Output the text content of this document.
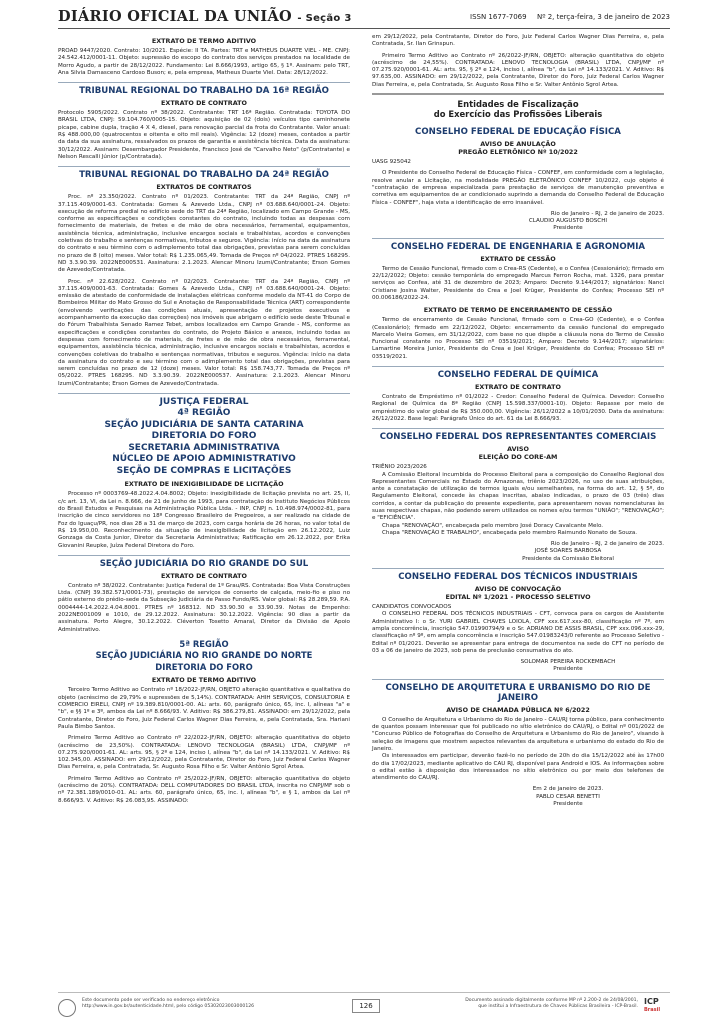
DIÁRIO OFICIAL DA UNIÃO - Seção 3	ISSN 1677-7069 Nº 2, terça-feira, 3 de janeiro de 2023
EXTRATO DE TERMO ADITIVO

PROAD 9447/2020. Contrato: 10/2021. Espécie: II TA. Partes: TRT e MATHEUS DUARTE VIEL - ME. CNPJ: 24.542.412/0001-11. Objeto: supressão do escopo do contrato dos serviços prestados na localidade de Morro Agudo, a partir de 28/12/2022. Fundamento: Lei 8.666/1993, artigo 65, § 1º. Assinam: pelo TRT, Ana Silvia Damasceno Cardoso Buson; e, pela empresa, Matheus Duarte Viel. Data: 28/12/2022.

TRIBUNAL REGIONAL DO TRABALHO DA 16ª REGIÃO
EXTRATO DE CONTRATO

Protocolo 5905/2022. Contrato nº 38/2022. Contratante: TRT 16ª Região. Contratada: TOYOTA DO BRASIL LTDA, CNPJ: 59.104.760/0005-15. Objeto: aquisição de 02 (dois) veículos tipo caminhonete picape, cabine dupla, tração 4 X 4, diesel, para renovação parcial da frota do Contratante. Valor anual: R$ 488.000,00 (quatrocentos e oitenta e oito mil reais). Vigência: 12 (doze) meses, contados a partir da data da sua assinatura, ressalvados os prazos de garantia e assistência técnica. Data da assinatura: 30/12/2022. Assinam: Desembargador Presidente, Francisco José de "Carvalho Neto" (p/Contratante) e Nelson Rescalli Júnior (p/Contratada).

TRIBUNAL REGIONAL DO TRABALHO DA 24ª REGIÃO
EXTRATOS DE CONTRATOS

Proc. nº 23.350/2022. Contrato nº 01/2023. Contratante: TRT da 24ª Região, CNPJ nº 37.115.409/0001-63. Contratada: Gomes & Azevedo Ltda., CNPJ nº 03.688.640/0001-24. Objeto: execução de reforma predial no edifício sede do TRT da 24ª Região, localizado em Campo Grande - MS, conforme as especificações e condições constantes do contrato, incluindo todas as despesas com fornecimento de materiais, de fretes e de mão de obra necessários, ferramental, equipamentos, assistência técnica, administração, inclusive encargos sociais e trabalhistas, acordos e convenções coletivas do trabalho e sentenças normativas, tributos e seguros. Vigência: início na data da assinatura do contrato e seu término com o adimplemento total das obrigações, previstas para serem concluídas no prazo de 8 (oito) meses. Valor total: R$ 1.235.065,49. Tomada de Preços nº 04/2022. PTRES 168295. ND 3.3.90.39. 2022NE000531. Assinatura: 2.1.2023. Alencar Minoru Izumi/Contratante; Erson Gomes de Azevedo/Contratada.

Proc. nº 22.628/2022. Contrato nº 02/2023. Contratante: TRT da 24ª Região, CNPJ nº 37.115.409/0001-63. Contratada: Gomes & Azevedo Ltda., CNPJ nº 03.688.640/0001-24. Objeto: emissão de atestado de conformidade de instalações elétricas conforme modelo da NT-41 do Corpo de Bombeiros Militar do Mato Grosso do Sul e Anotação de Responsabilidade Técnica (ART) correspondente (envolvendo verificações das condições atuais, apresentação de projetos executivos e acompanhamento da execução das correções) nos imóveis que abrigam o edifício sede deste Tribunal e do Fórum Trabalhista Senado Ramez Tebet, ambos localizados em Campo Grande - MS, conforme as especificações e condições constantes do contrato, do Projeto Básico e anexos, incluindo todas as despesas com fornecimento de materiais, de fretes e de mão de obra necessários, ferramental, equipamentos, assistência técnica, administração, inclusive encargos sociais e trabalhistas, acordos e convenções coletivas do trabalho e sentenças normativas, tributos e seguros. Vigência: início na data da assinatura do contrato e seu término com o adimplemento total das obrigações, previstas para serem concluídas no prazo de 12 (doze) meses. Valor total: R$ 158.743,77. Tomada de Preços nº 05/2022. PTRES 168295. ND 3.3.90.39. 2022NE000537. Assinatura: 2.1.2023. Alencar Minoru Izumi/Contratante; Erson Gomes de Azevedo/Contratada.

JUSTIÇA FEDERAL
4ª REGIÃO
SEÇÃO JUDICIÁRIA DE SANTA CATARINA
DIRETORIA DO FORO
SECRETARIA ADMINISTRATIVA
NÚCLEO DE APOIO ADMINISTRATIVO
SEÇÃO DE COMPRAS E LICITAÇÕES
EXTRATO DE INEXIGIBILIDADE DE LICITAÇÃO

Processo nº 0003769-48.2022.4.04.8002; Objeto: inexigibilidade de licitação prevista no art. 25, II, c/c art. 13, VI, da Lei n. 8.666, de 21 de junho de 1993, para contratação do Instituto Negócios Públicos do Brasil Estudos e Pesquisas na Administração Pública Ltda. - INP, CNPJ n. 10.498.974/0002-81, para inscrição de cinco servidores no 18º Congresso Brasileiro de Pregoeiros, a ser realizado na cidade de Foz do Iguaçu/PR, nos dias 28 a 31 de março de 2023, com carga horária de 26 horas, no valor total de R$ 19.950,00. Reconhecimento da situação de inexigibilidade de licitação em 26.12.2022, Luiz Gonzaga da Costa Junior, Diretor da Secretaria Administrativa; Ratificação em 26.12.2022, por Erika Giovanini Reupke, Juíza Federal Diretora do Foro.

SEÇÃO JUDICIÁRIA DO RIO GRANDE DO SUL
EXTRATO DE CONTRATO

Contrato nº 38/2022. Contratante: Justiça Federal de 1º Grau/RS. Contratada: Boa Vista Construções Ltda. (CNPJ 39.382.571/0001-73), prestação de serviços de conserto de calçada, meio-fio e piso no pátio externo do prédio-sede da Subseção Judiciária de Passo Fundo/RS. Valor global: R$ 28.289,59. P.A. 0004444-14.2022.4.04.8001. PTRES nº 168312. ND 33.90.30 e 33.90.39. Notas de Empenho: 2022NE001009 e 1010, de 29.12.2022. Assinatura: 30.12.2022. Vigência: 90 dias a partir da assinatura. Porto Alegre, 30.12.2022. Cléverton Tosetto Amaral, Diretor da Divisão de Apoio Administrativo.

5ª REGIÃO
SEÇÃO JUDICIÁRIA NO RIO GRANDE DO NORTE
DIRETORIA DO FORO
EXTRATO DE TERMO ADITIVO

Terceiro Termo Aditivo ao Contrato nº 18/2022-JF/RN, OBJETO alteração quantitativa e qualitativa do objeto (acréscimo de 29,79% e supressões de 5,14%). CONTRATADA: AHIH SERVIÇOS, CONSULTORIA E COMERCIO EIRELI, CNPJ nº 19.389.810/0001-00. AL: arts. 60, parágrafo único, 65, inc. I, alíneas "a" e "b", e §§ 1º e 3º, ambos da Lei nº 8.666/93. V. Aditivo: R$ 386.279,81. ASSINADO: em 29/12/2022, pela Contratante, Diretor do Foro, Juiz Federal Carlos Wagner Dias Ferreira, e, pela Contratada, Sra. Hariani Paula Bimbo Santos.

Primeiro Termo Aditivo ao Contrato nº 22/2022-JF/RN, OBJETO: alteração quantitativa do objeto (acréscimo de 23,50%). CONTRATADA: LENOVO TECNOLOGIA (BRASIL) LTDA, CNPJ/MF nº 07.275.920/0001-61. AL: arts. 95, § 2º e 124, inciso I, alínea "b", da Lei nº 14.133/2021. V. Aditivo: R$ 102.345,00. ASSINADO: em 29/12/2022, pela Contratante, Diretor do Foro, Juiz Federal Carlos Wagner Dias Ferreira, e, pela Contratada, Sr. Augusto Rosa Filho e Sr. Valter Antônio Sgrol Artea.

Primeiro Termo Aditivo ao Contrato nº 25/2022-JF/RN, OBJETO: alteração quantitativa do objeto (acréscimo de 20%). CONTRATADA: DELL COMPUTADORES DO BRASIL LTDA, inscrita no CNPJ/MF sob o nº 72.381.189/0010-01. AL: arts. 60, parágrafo único, 65, inc. I, alíneas "b", e § 1, ambos da Lei nº 8.666/93. V. Aditivo: R$ 26.083,95. ASSINADO:

em 29/12/2022, pela Contratante, Diretor do Foro, Juiz Federal Carlos Wagner Dias Ferreira, e, pela Contratada, Sr. Ilan Grinspun.

Primeiro Termo Aditivo ao Contrato nº 26/2022-JF/RN, OBJETO: alteração quantitativa do objeto (acréscimo de 24,55%). CONTRATADA: LENOVO TECNOLOGIA (BRASIL) LTDA, CNPJ/MF nº 07.275.920/0001-61. AL: arts. 95, § 2º e 124, inciso I, alínea "b", da Lei nº 14.133/2021. V. Aditivo: R$ 97.635,00. ASSINADO: em 29/12/2022, pela Contratante, Diretor do Foro, Juiz Federal Carlos Wagner Dias Ferreira, e, pela Contratada, Sr. Augusto Rosa Filho e Sr. Valter Antônio Sgrol Artea.

Entidades de Fiscalização
do Exercício das Profissões Liberais
CONSELHO FEDERAL DE EDUCAÇÃO FÍSICA
AVISO DE ANULAÇÃO
PREGÃO ELETRÔNICO Nº 10/2022

UASG 925042

O Presidente do Conselho Federal de Educação Física - CONFEF, em conformidade com a legislação, resolve anular a Licitação, na modalidade PREGÃO ELETRÔNICO CONFEF 10/2022, cujo objeto é "contratação de empresa especializada para prestação de serviços de manutenção preventiva e corretiva em equipamentos de ar condicionado suprindo a demanda do Conselho Federal de Educação Física - CONFEF", haja vista a identificação de erro insanável.

Rio de Janeiro - RJ, 2 de janeiro de 2023.

CLAUDIO AUGUSTO BOSCHI
Presidente

CONSELHO FEDERAL DE ENGENHARIA E AGRONOMIA
EXTRATO DE CESSÃO

Termo de Cessão Funcional, firmado com o Crea-RS (Cedente), e o Confea (Cessionário); firmado em 22/12/2022; Objeto: cessão temporária do empregado Marcus Ferron Rocha, mat. 1326, para prestar serviços ao Confea, até 31 de dezembro de 2023; Amparo: Decreto 9.144/2017; signatários: Nanci Cristiane Josina Walter, Presidente do Crea e Joel Krüger, Presidente do Confea; Processo SEI nº 00.006186/2022-24.

EXTRATO DE TERMO DE ENCERRAMENTO DE CESSÃO

Termo de encerramento de Cessão Funcional, firmado com o Crea-GO (Cedente), e o Confea (Cessionário); firmado em 22/12/2022, Objeto: encerramento da cessão funcional do empregado Marcelo Vieira Gomes, em 31/12/2022, com base no que dispõe a cláusula nona do Termo de Cessão Funcional constante no Processo SEI nº 03519/2021; Amparo: Decreto 9.144/2017; signatários: Lamartine Moreira Junior, Presidente do Crea e Joel Krüger, Presidente do Confea; Processo SEI nº 03519/2021.

CONSELHO FEDERAL DE QUÍMICA
EXTRATO DE CONTRATO

Contrato de Empréstimo nº 01/2022 - Credor: Conselho Federal de Química. Devedor: Conselho Regional de Química da 8ª Região (CNPJ 15.598.337/0001-10). Objeto: Repasse por meio de empréstimo do valor global de R$ 350.000,00. Vigência: 26/12/2022 a 10/01/2030. Data da assinatura: 26/12/2022. Base legal: Parágrafo Único do art. 61 da Lei 8.666/93.

CONSELHO FEDERAL DOS REPRESENTANTES COMERCIAIS
AVISO
ELEIÇÃO DO CORE-AM

TRIÊNIO 2023/2026

A Comissão Eleitoral incumbida do Processo Eleitoral para a composição do Conselho Regional dos Representantes Comerciais no Estado do Amazonas, triênio 2023/2026, no uso de suas atribuições, ante a constatação de utilização de termos iguais e/ou semelhantes, na forma do art. 12, § 5º, do Regulamento Eleitoral, concede às chapas inscritas, abaixo indicadas, o prazo de 03 (três) dias corridos, a contar da publicação do presente expediente, para apresentarem novas nomenclaturas às suas respectivas chapas, não podendo serem utilizados os nomes e/ou termos "UNIÃO"; "RENOVAÇÃO"; e "EFICIÊNCIA".

Chapa "RENOVAÇÃO", encabeçada pelo membro José Doracy Cavalcante Melo.

Chapa "RENOVAÇÃO E TRABALHO", encabeçada pelo membro Raimundo Nonato de Souza.

Rio de Janeiro - RJ, 2 de janeiro de 2023.

JOSÉ SOARES BARBOSA
Presidente da Comissão Eleitoral

CONSELHO FEDERAL DOS TÉCNICOS INDUSTRIAIS
AVISO DE CONVOCAÇÃO
EDITAL Nº 1/2021 - PROCESSO SELETIVO

CANDIDATOS CONVOCADOS

O CONSELHO FEDERAL DOS TÉCNICOS INDUSTRIAIS - CFT, convoca para os cargos de Assistente Administrativo I: o Sr. YURI GABRIEL CHAVES LOIOLA, CPF xxx.617.xxx-80, classificação nº 7º, em ampla concorrência, inscrição 547.01990794/9 e o Sr. ADRIANO DE ASSIS BRASIL, CPF xxx.096.xxx-29, classificação nº 9º, em ampla concorrência e inscrição 547.01983243/0 referente ao Processo Seletivo - Edital nº 01/2021. Deverão se apresentar para entrega de documentos na sede do CFT no período de 03 a 06 de janeiro de 2023, sob pena de preclusão consumativa do ato.

SOLOMAR PEREIRA ROCKEMBACH
Presidente

CONSELHO DE ARQUITETURA E URBANISMO DO RIO DE JANEIRO
AVISO DE CHAMADA PÚBLICA Nº 6/2022

O Conselho de Arquitetura e Urbanismo do Rio de Janeiro - CAU/RJ torna público, para conhecimento de quantos possam interessar que foi publicado no sítio eletrônico do CAU/RJ, o Edital nº 001/2022 de "Concurso Público de Fotografias do Conselho de Arquitetura e Urbanismo do Rio de Janeiro", visando à seleção de imagens que mostrem aspectos relevantes da arquitetura e urbanismo do estado do Rio de Janeiro.

Os interessados em participar, deverão fazê-lo no período de 20h do dia 15/12/2022 até às 17h00 do dia 17/02/2023, mediante aplicativo do CAU RJ, disponível para Android e IOS. As informações sobre o edital estão à disposição dos interessados no sítio eletrônico ou por meio dos telefones de atendimento do CAU/RJ.

Em 2 de janeiro de 2023.
PABLO CESAR BENETTI
Presidente

Este documento pode ser verificado no endereço eletrônico
http://www.in.gov.br/autenticidade.html, pelo código 05302023003000126	126
Documento assinado digitalmente conforme MP nº 2.200-2 de 24/08/2001,
que institui a Infraestrutura de Chaves Públicas Brasileira - ICP-Brasil.
ICP
Brasil
